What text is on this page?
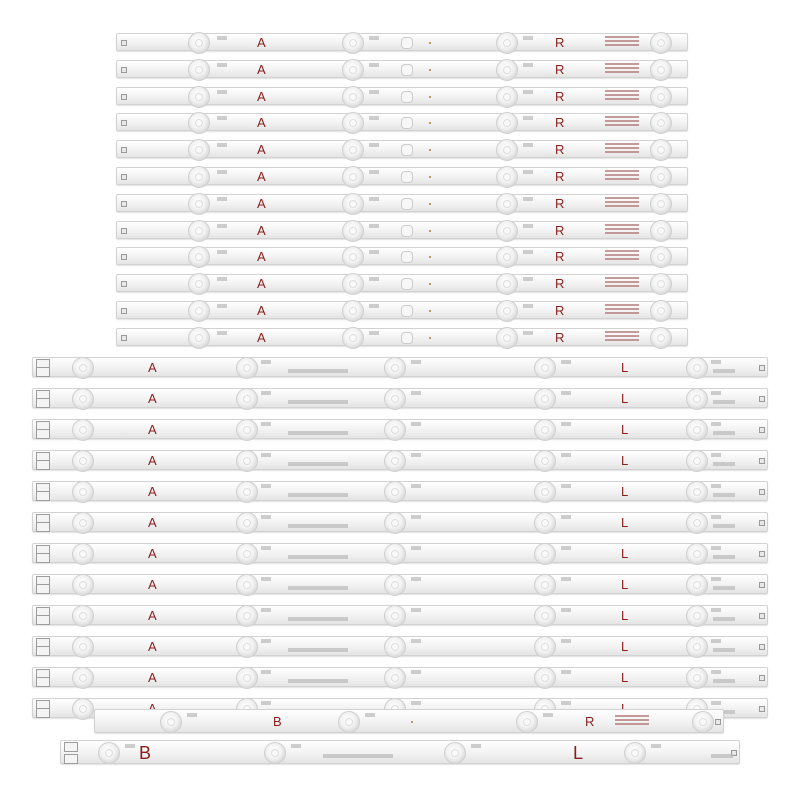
A	R
A	R
A	R
A	R
A	R
A	R
A	R
A	R
A	R
A	R
A	R
A	R
A	L
A	L
A	L
A	L
A	L
A	L
A	L
A	L
A	L
A	L
A	L
B	R
B	L
